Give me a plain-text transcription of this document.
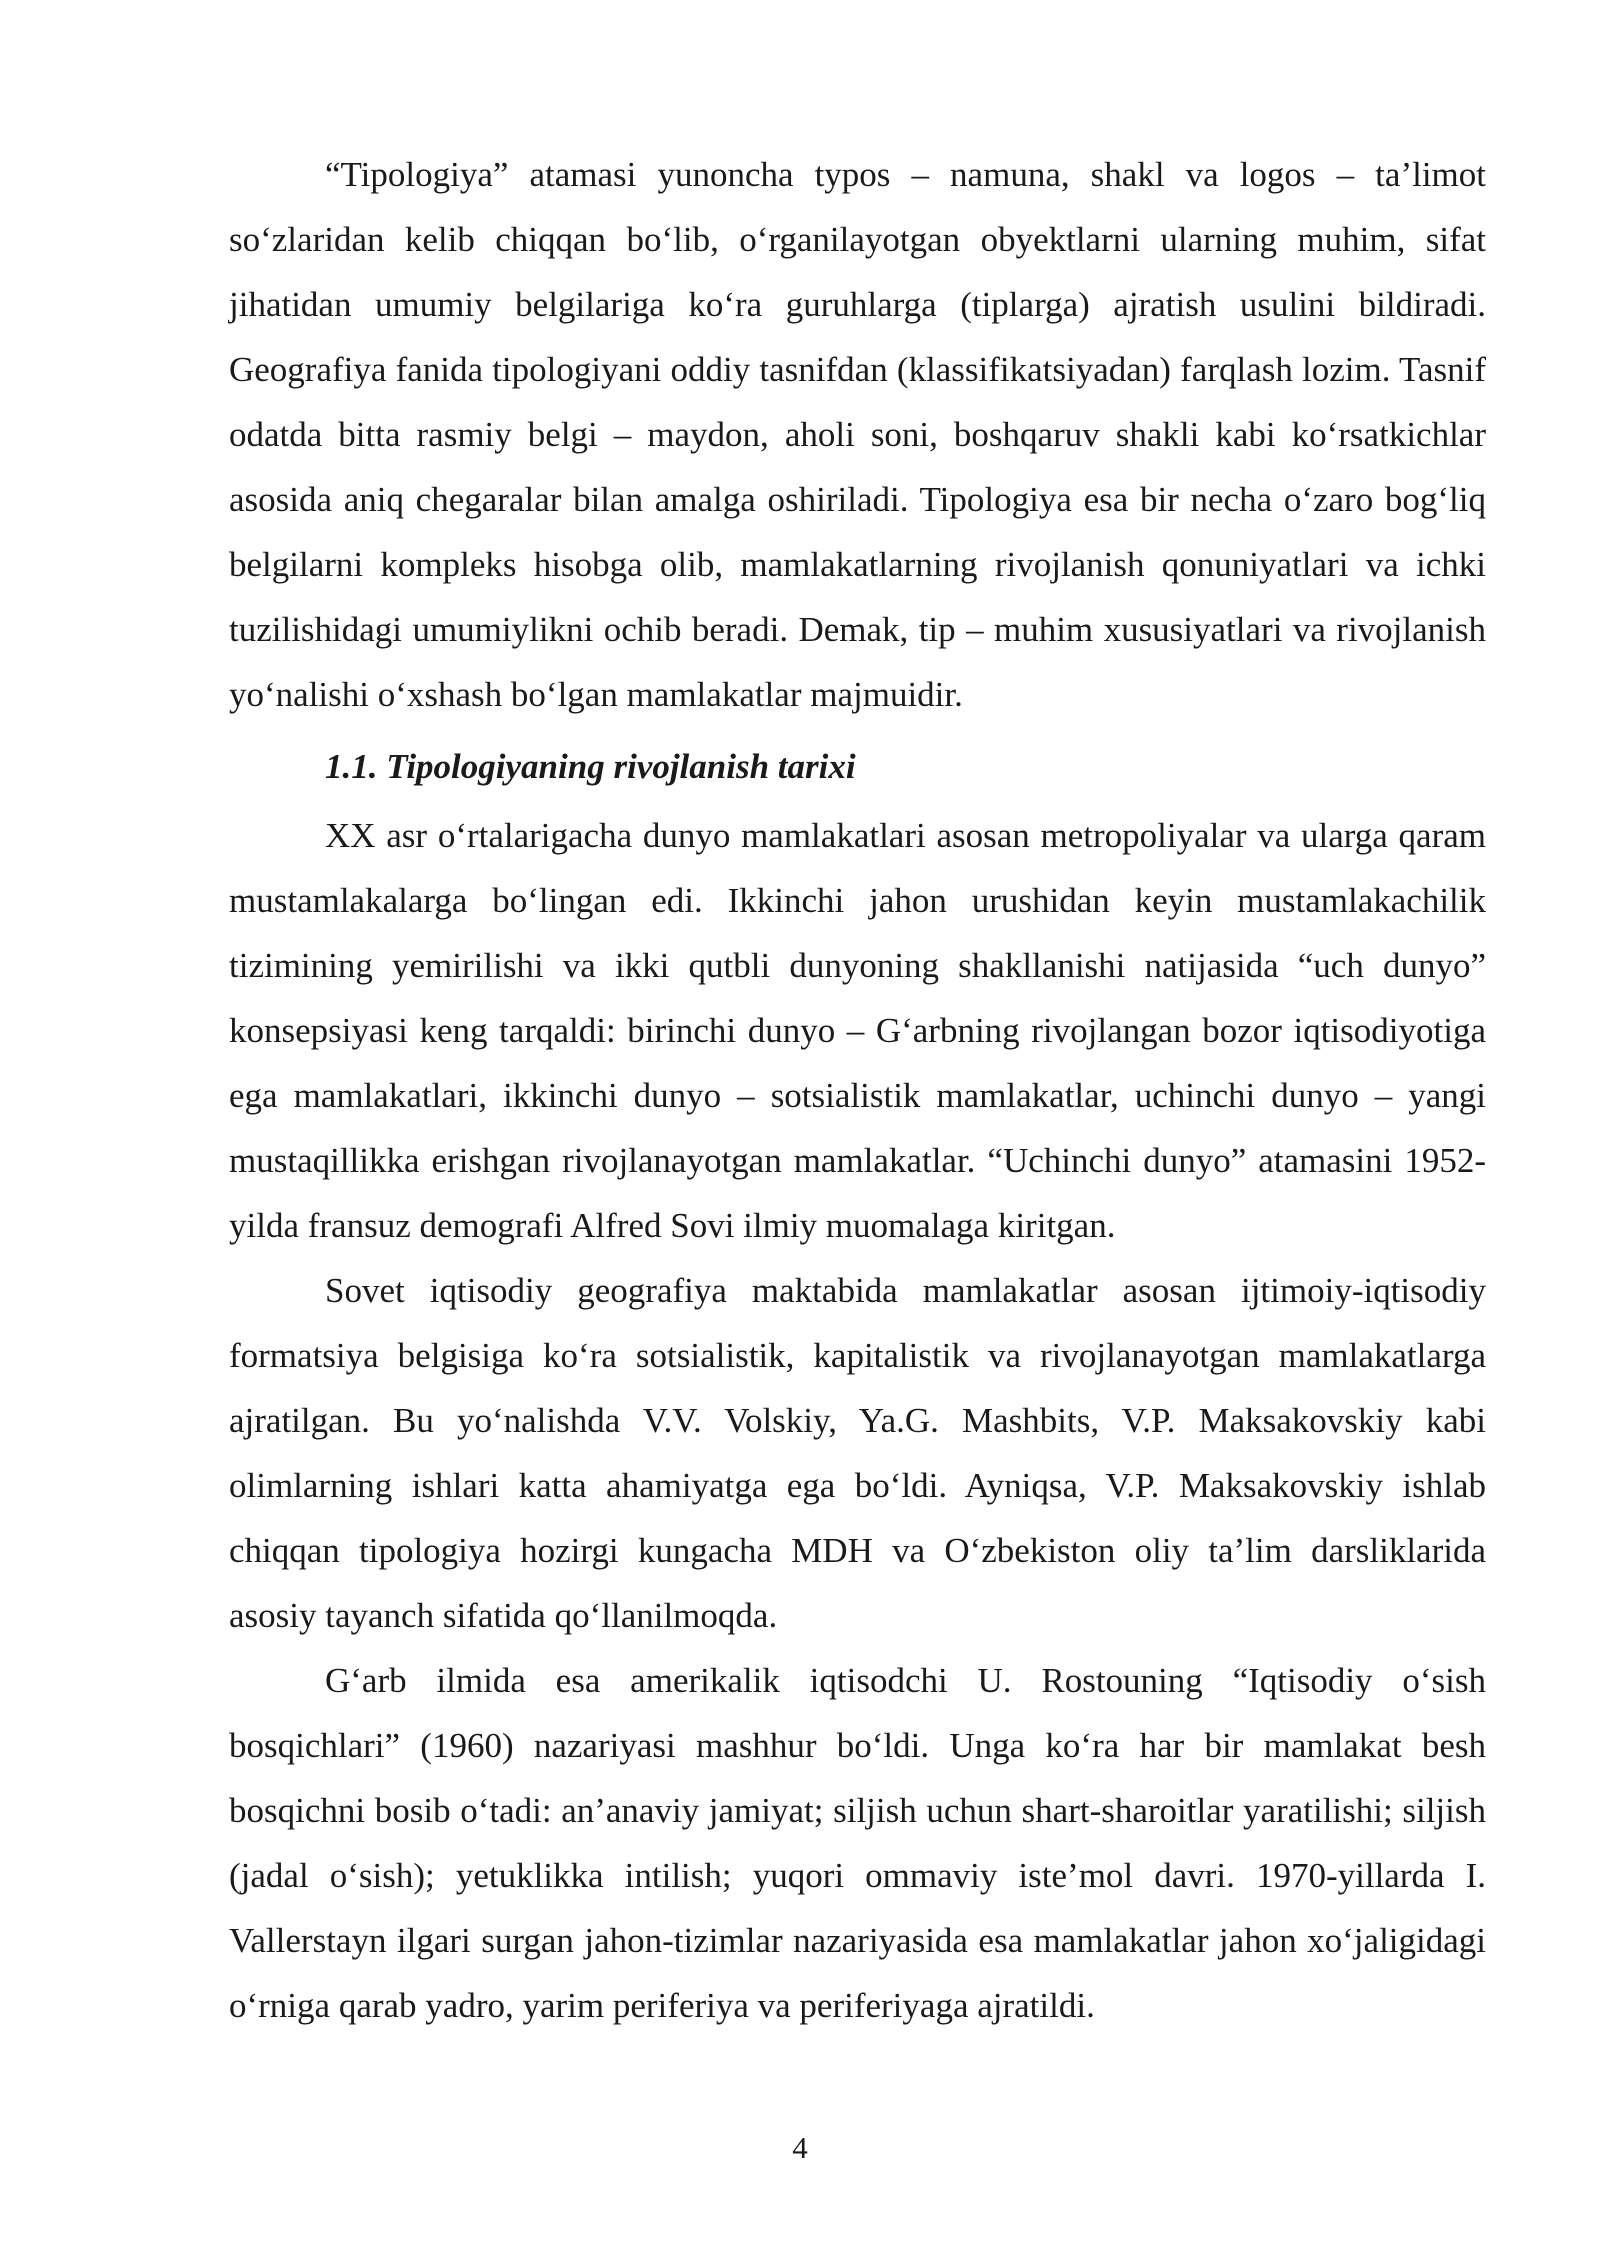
“Tipologiya” atamasi yunoncha typos – namuna, shakl va logos – ta’limot so‘zlaridan kelib chiqqan bo‘lib, o‘rganilayotgan obyektlarni ularning muhim, sifat jihatidan umumiy belgilariga ko‘ra guruhlarga (tiplarga) ajratish usulini bildiradi. Geografiya fanida tipologiyani oddiy tasnifdan (klassifikatsiyadan) farqlash lozim. Tasnif odatda bitta rasmiy belgi – maydon, aholi soni, boshqaruv shakli kabi ko‘rsatkichlar asosida aniq chegaralar bilan amalga oshiriladi. Tipologiya esa bir necha o‘zaro bog‘liq belgilarni kompleks hisobga olib, mamlakatlarning rivojlanish qonuniyatlari va ichki tuzilishidagi umumiylikni ochib beradi. Demak, tip – muhim xususiyatlari va rivojlanish yo‘nalishi o‘xshash bo‘lgan mamlakatlar majmuidir.

1.1. Tipologiyaning rivojlanish tarixi

XX asr o‘rtalarigacha dunyo mamlakatlari asosan metropoliyalar va ularga qaram mustamlakalarga bo‘lingan edi. Ikkinchi jahon urushidan keyin mustamlakachilik tizimining yemirilishi va ikki qutbli dunyoning shakllanishi natijasida “uch dunyo” konsepsiyasi keng tarqaldi: birinchi dunyo – G‘arbning rivojlangan bozor iqtisodiyotiga ega mamlakatlari, ikkinchi dunyo – sotsialistik mamlakatlar, uchinchi dunyo – yangi mustaqillikka erishgan rivojlanayotgan mamlakatlar. “Uchinchi dunyo” atamasini 1952-yilda fransuz demografi Alfred Sovi ilmiy muomalaga kiritgan.

Sovet iqtisodiy geografiya maktabida mamlakatlar asosan ijtimoiy-iqtisodiy formatsiya belgisiga ko‘ra sotsialistik, kapitalistik va rivojlanayotgan mamlakatlarga ajratilgan. Bu yo‘nalishda V.V. Volskiy, Ya.G. Mashbits, V.P. Maksakovskiy kabi olimlarning ishlari katta ahamiyatga ega bo‘ldi. Ayniqsa, V.P. Maksakovskiy ishlab chiqqan tipologiya hozirgi kungacha MDH va O‘zbekiston oliy ta’lim darsliklarida asosiy tayanch sifatida qo‘llanilmoqda.

G‘arb ilmida esa amerikalik iqtisodchi U. Rostouning “Iqtisodiy o‘sish bosqichlari” (1960) nazariyasi mashhur bo‘ldi. Unga ko‘ra har bir mamlakat besh bosqichni bosib o‘tadi: an’anaviy jamiyat; siljish uchun shart-sharoitlar yaratilishi; siljish (jadal o‘sish); yetuklikka intilish; yuqori ommaviy iste’mol davri. 1970-yillarda I. Vallerstayn ilgari surgan jahon-tizimlar nazariyasida esa mamlakatlar jahon xo‘jaligidagi o‘rniga qarab yadro, yarim periferiya va periferiyaga ajratildi.

4
